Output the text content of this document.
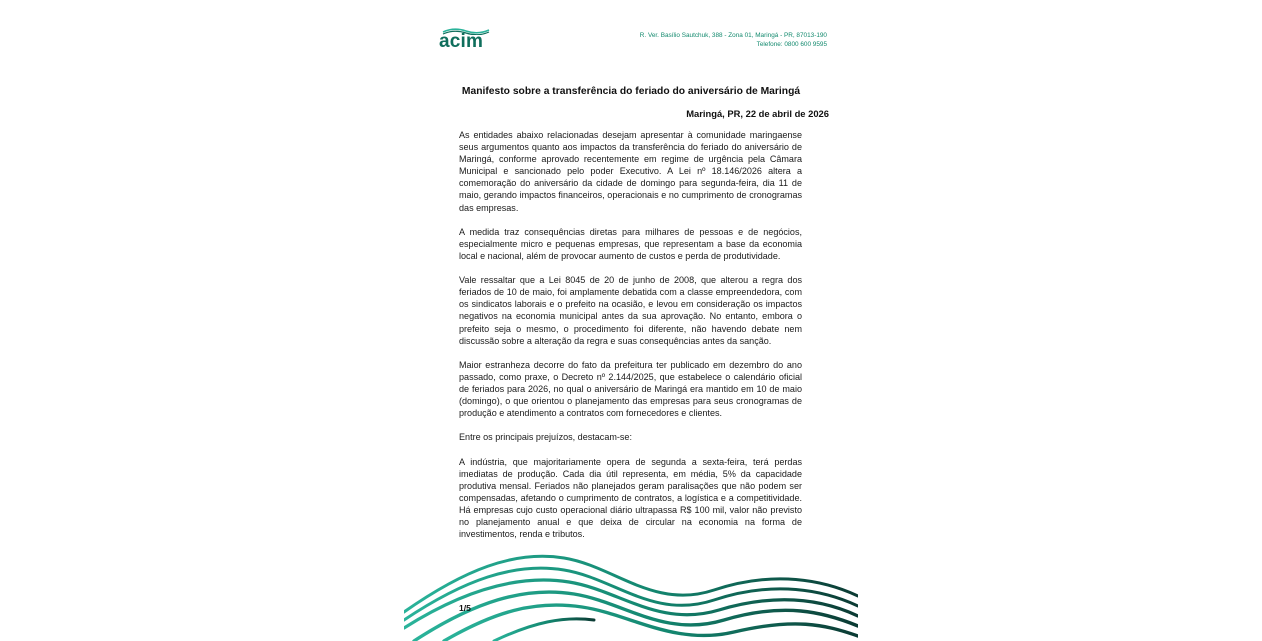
acim	R. Ver. Basílio Sautchuk, 388 - Zona 01, Maringá - PR, 87013-190
Telefone: 0800 600 9595
Manifesto sobre a transferência do feriado do aniversário de Maringá
Maringá, PR, 22 de abril de 2026

As entidades abaixo relacionadas desejam apresentar à comunidade maringaense seus argumentos quanto aos impactos da transferência do feriado do aniversário de Maringá, conforme aprovado recentemente em regime de urgência pela Câmara Municipal e sancionado pelo poder Executivo. A Lei nº 18.146/2026 altera a comemoração do aniversário da cidade de domingo para segunda-feira, dia 11 de maio, gerando impactos financeiros, operacionais e no cumprimento de cronogramas das empresas.

A medida traz consequências diretas para milhares de pessoas e de negócios, especialmente micro e pequenas empresas, que representam a base da economia local e nacional, além de provocar aumento de custos e perda de produtividade.

Vale ressaltar que a Lei 8045 de 20 de junho de 2008, que alterou a regra dos feriados de 10 de maio, foi amplamente debatida com a classe empreendedora, com os sindicatos laborais e o prefeito na ocasião, e levou em consideração os impactos negativos na economia municipal antes da sua aprovação. No entanto, embora o prefeito seja o mesmo, o procedimento foi diferente, não havendo debate nem discussão sobre a alteração da regra e suas consequências antes da sanção.

Maior estranheza decorre do fato da prefeitura ter publicado em dezembro do ano passado, como praxe, o Decreto nº 2.144/2025, que estabelece o calendário oficial de feriados para 2026, no qual o aniversário de Maringá era mantido em 10 de maio (domingo), o que orientou o planejamento das empresas para seus cronogramas de produção e atendimento a contratos com fornecedores e clientes.

Entre os principais prejuízos, destacam-se:

A indústria, que majoritariamente opera de segunda a sexta-feira, terá perdas imediatas de produção. Cada dia útil representa, em média, 5% da capacidade produtiva mensal. Feriados não planejados geram paralisações que não podem ser compensadas, afetando o cumprimento de contratos, a logística e a competitividade. Há empresas cujo custo operacional diário ultrapassa R$ 100 mil, valor não previsto no planejamento anual e que deixa de circular na economia na forma de investimentos, renda e tributos.

1/5
